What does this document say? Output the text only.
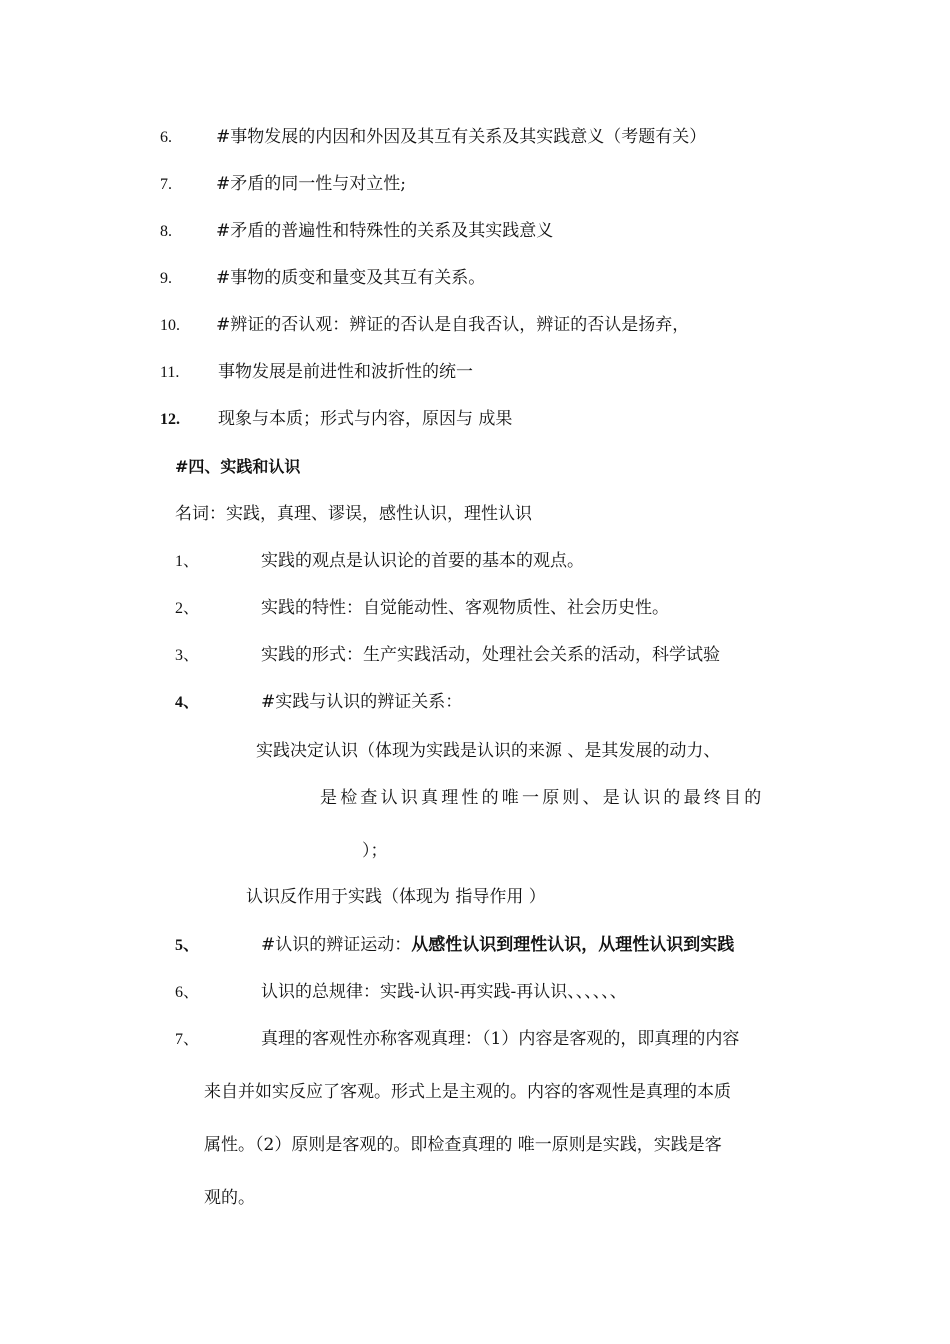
6.	#事物发展的内因和外因及其互有关系及其实践意义（考题有关）
7.	#矛盾的同一性与对立性;
8.	#矛盾的普遍性和特殊性的关系及其实践意义
9.	#事物的质变和量变及其互有关系。
10. #辨证的否认观：辨证的否认是自我否认，辨证的否认是扬弃，
11. 事物发展是前进性和波折性的统一
12. 现象与本质；形式与内容，原因与 成果
#四、实践和认识
名词：实践，真理、谬误，感性认识，理性认识
1、	实践的观点是认识论的首要的基本的观点。
2、	实践的特性：自觉能动性、客观物质性、社会历史性。
3、	实践的形式：生产实践活动，处理社会关系的活动，科学试验
4、	#实践与认识的辨证关系：
实践决定认识（体现为实践是认识的来源 、是其发展的动力、
是检查认识真理性的唯一原则、是认识的最终目的
）；
认识反作用于实践（体现为 指导作用 ）
5、	#认识的辨证运动：从感性认识到理性认识，从理性认识到实践
6、	认识的总规律：实践-认识-再实践-再认识、、、、、、
7、	真理的客观性亦称客观真理：（1）内容是客观的，即真理的内容
来自并如实反应了客观。形式上是主观的。内容的客观性是真理的本质
属性。（2）原则是客观的。即检查真理的 唯一原则是实践，实践是客
观的。
